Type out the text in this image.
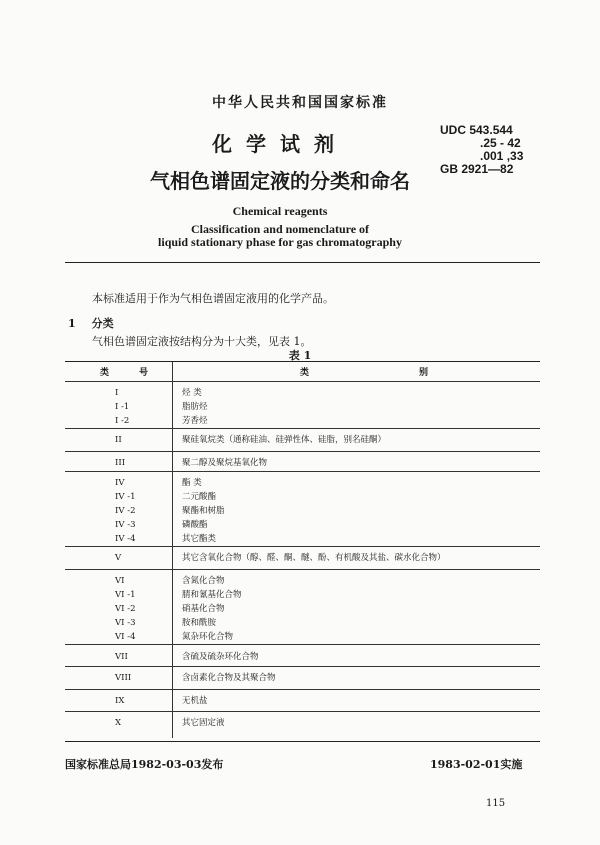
中华人民共和国国家标准
化学试剂
气相色谱固定液的分类和命名
Chemical reagents
Classification and nomenclature of
liquid stationary phase for gas chromatography
UDC 543.544
.25 - 42
.001 ,33
GB 2921—82
本标准适用于作为气相色谱固定液用的化学产品。
1 分类
气相色谱固定液按结构分为十大类，见表 1。
表 1
类号	类别
I	烃 类
I -1	脂肪烃
I -2	芳香烃
II	聚硅氧烷类（通称硅油、硅弹性体、硅脂，别名硅酮）
III	聚二醇及聚烷基氧化物
IV	酯 类
IV -1	二元酸酯
IV -2	聚酯和树脂
IV -3	磷酸酯
IV -4	其它酯类
V	其它含氧化合物（醇、醛、酮、醚、酚、有机酸及其盐、碳水化合物）
VI	含氮化合物
VI -1	腈和氰基化合物
VI -2	硝基化合物
VI -3	胺和酰胺
VI -4	氮杂环化合物
VII	含硫及硫杂环化合物
VIII	含卤素化合物及其聚合物
IX	无机盐
X	其它固定液
国家标准总局1982-03-03发布	1983-02-01实施
115
